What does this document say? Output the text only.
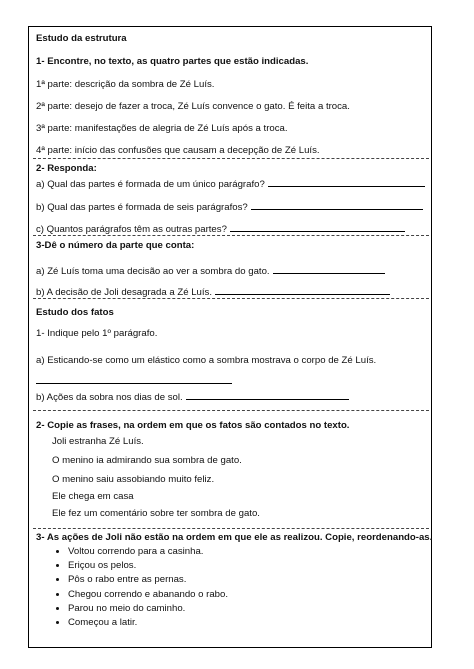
Estudo da estrutura
1- Encontre, no texto, as quatro partes que estão indicadas.
1ª parte: descrição da sombra de Zé Luís.
2ª parte: desejo de fazer a troca, Zé Luís convence o gato. É feita a troca.
3ª parte: manifestações de alegria de Zé Luís após a troca.
4ª parte: início das confusões que causam a decepção de Zé Luís.
2- Responda:
a) Qual das partes é formada de um único parágrafo?
b) Qual das partes é formada de seis parágrafos?
c) Quantos parágrafos têm as outras partes?
3-Dê o número da parte que conta:
a) Zé Luís toma uma decisão ao ver a sombra do gato.
b) A decisão de Joli desagrada a Zé Luís.
Estudo dos fatos
1- Indique pelo 1º parágrafo.
a) Esticando-se como um elástico como a sombra mostrava o corpo de Zé Luís.
b) Ações da sobra nos dias de sol.
2- Copie as frases, na ordem em que os fatos são contados no texto.
Joli estranha Zé Luís.
O menino ia admirando sua sombra de gato.
O menino saiu assobiando muito feliz.
Ele chega em casa
Ele fez um comentário sobre ter sombra de gato.
3- As ações de Joli não estão na ordem em que ele as realizou. Copie, reordenando-as.
• Voltou correndo para a casinha.
• Eriçou os pelos.
• Pôs o rabo entre as pernas.
• Chegou correndo e abanando o rabo.
• Parou no meio do caminho.
• Começou a latir.
